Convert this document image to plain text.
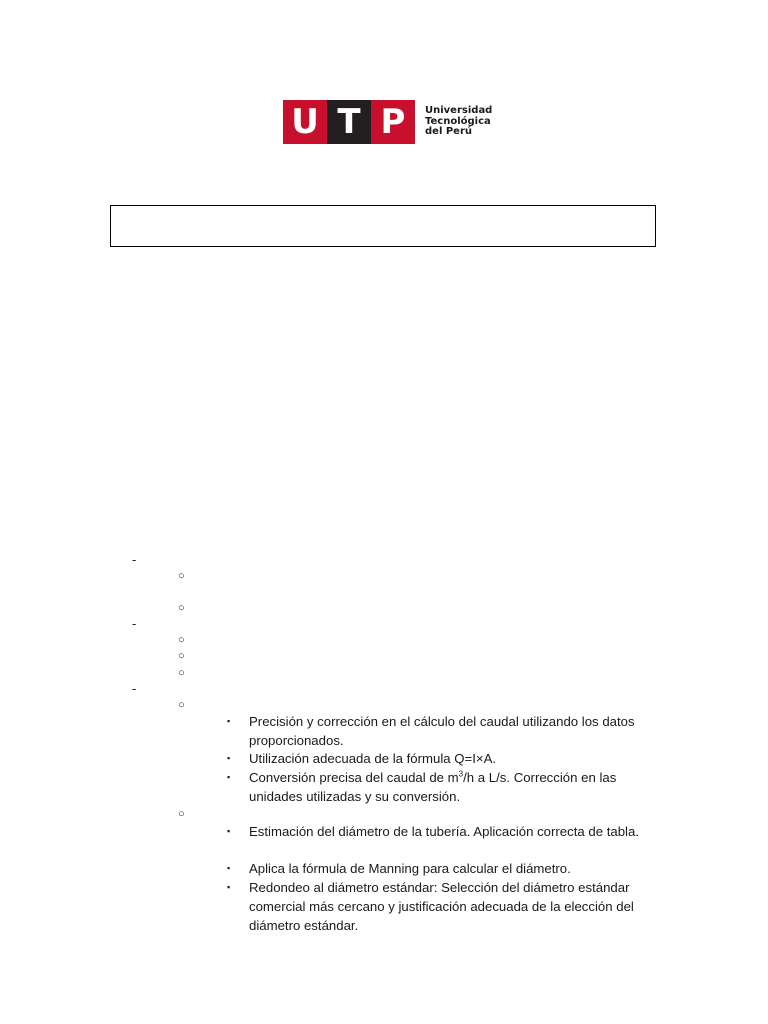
U T P	Universidad
Tecnológica
del Perú
-
-
-
○
○
○
○
○
○
○
▪
▪
▪
▪
▪
▪
Precisión y corrección en el cálculo del caudal utilizando los datos proporcionados.
Utilización adecuada de la fórmula Q=I×A.
Conversión precisa del caudal de $m^3/h$ a L/s. Corrección en las unidades utilizadas y su conversión.
Estimación del diámetro de la tubería. Aplicación correcta de tabla.
Aplica la fórmula de Manning para calcular el diámetro.
Redondeo al diámetro estándar: Selección del diámetro estándar comercial más cercano y justificación adecuada de la elección del diámetro estándar.
